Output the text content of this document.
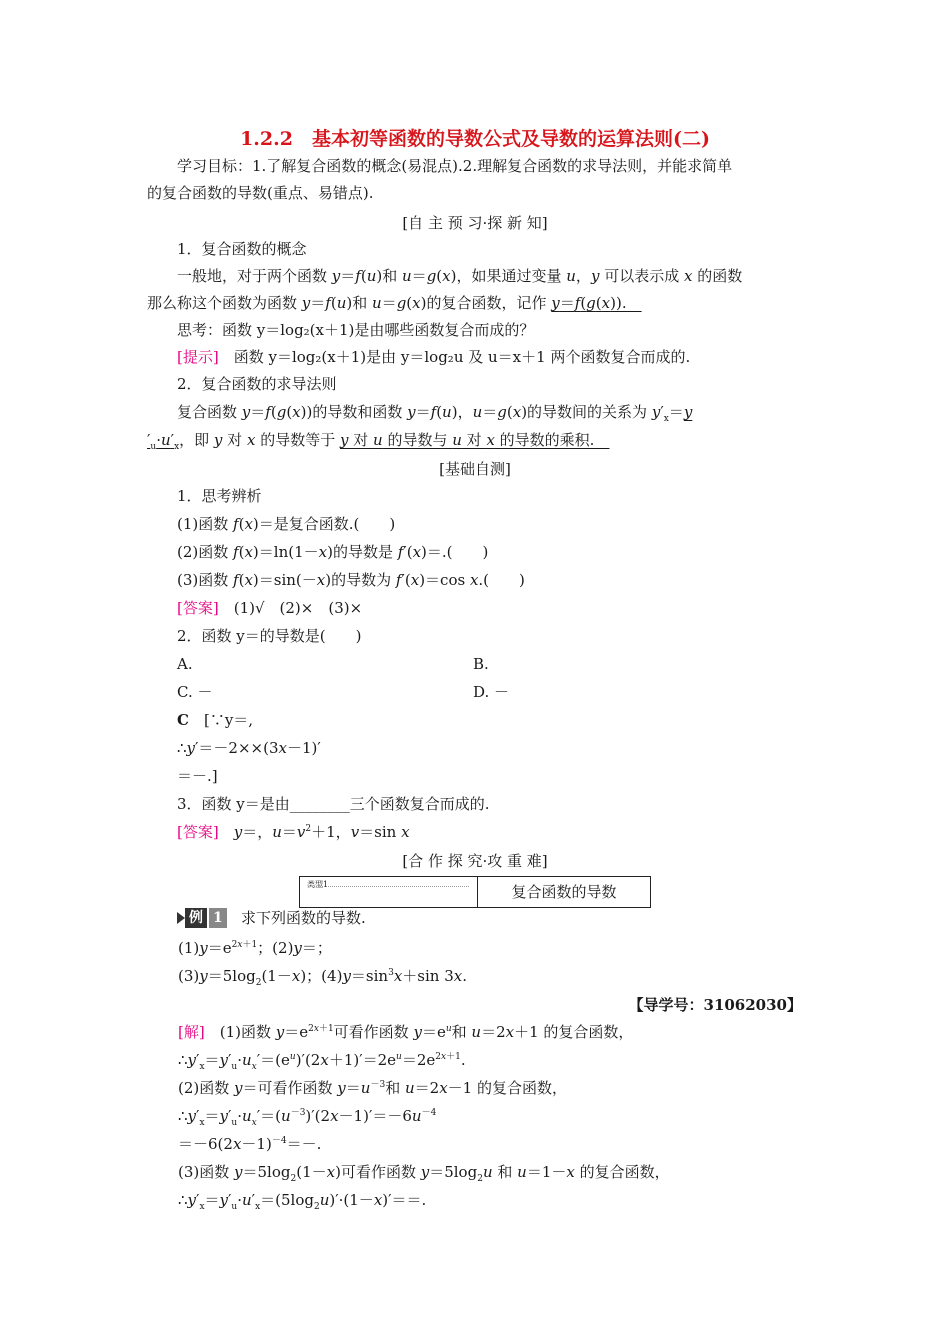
1.2.2　基本初等函数的导数公式及导数的运算法则(二)
学习目标：1.了解复合函数的概念(易混点).2.理解复合函数的求导法则，并能求简单
的复合函数的导数(重点、易错点).
[自 主 预 习·探 新 知]
1．复合函数的概念
一般地，对于两个函数 y＝f(u)和 u＝g(x)，如果通过变量 u，y 可以表示成 x 的函数
那么称这个函数为函数 y＝f(u)和 u＝g(x)的复合函数，记作 y＝f(g(x)).　
思考：函数 y＝log₂(x＋1)是由哪些函数复合而成的？
[提示]　 函数 y＝log₂(x＋1)是由 y＝log₂u 及 u＝x＋1 两个函数复合而成的.
2．复合函数的求导法则
复合函数 y＝f(g(x))的导数和函数 y＝f(u)，u＝g(x)的导数间的关系为 $y'_x=y$
$'_u\cdot u'_x$，即 y 对 x 的导数等于 y 对 u 的导数与 u 对 x 的导数的乘积.　
[基础自测]
1．思考辨析
(1)函数 f(x)＝是复合函数.(　　)
(2)函数 f(x)＝ln(1－x)的导数是 f′(x)＝.(　　)
(3)函数 f(x)＝sin(－x)的导数为 f′(x)＝cos x.(　　)
[答案]　 (1)√　(2)×　(3)×
2．函数 y＝的导数是(　　)
A.	B.
C. －	D. －
C　 [∵y＝,
∴y′＝－2××(3x－1)′
＝－.]
3．函数 y＝是由________三个函数复合而成的.
[答案]　 y＝，$u=v^2+1$，v＝sin x
[合 作 探 究·攻 重 难]
类型1	复合函数的导数
例 1 求下列函数的导数.
$(1)y=e^{2x+1}$；(2)y＝；
$(3)y=5\log_2(1-x)$；$(4)y=\sin^3x+\sin$ 3x.
【导学号：31062030】
[解]　(1)函数 $y=e^{2x+1}$可看作函数 $y=e^u$和 u＝2x＋1 的复合函数，
$\therefore y'_x=y'_u\cdot u_x'=(e^u)'(2x+1)'=2e^u=2e^{2x+1}$.
(2)函数 y＝可看作函数 $y=u^{-3}$和 u＝2x－1 的复合函数，
$\therefore y'_x=y'_u\cdot u_x'=(u^{-3})'(2x-1)'=-6u^{-4}$
$=-6(2x-1)^{-4}=-$.
(3)函数 $y=5\log_2(1-x)$可看作函数 $y=5\log_2u$ 和 u＝1－x 的复合函数，
$\therefore y'_x=y'_u\cdot u'_x=(5\log_2u)'\cdot(1-x)'==$.
